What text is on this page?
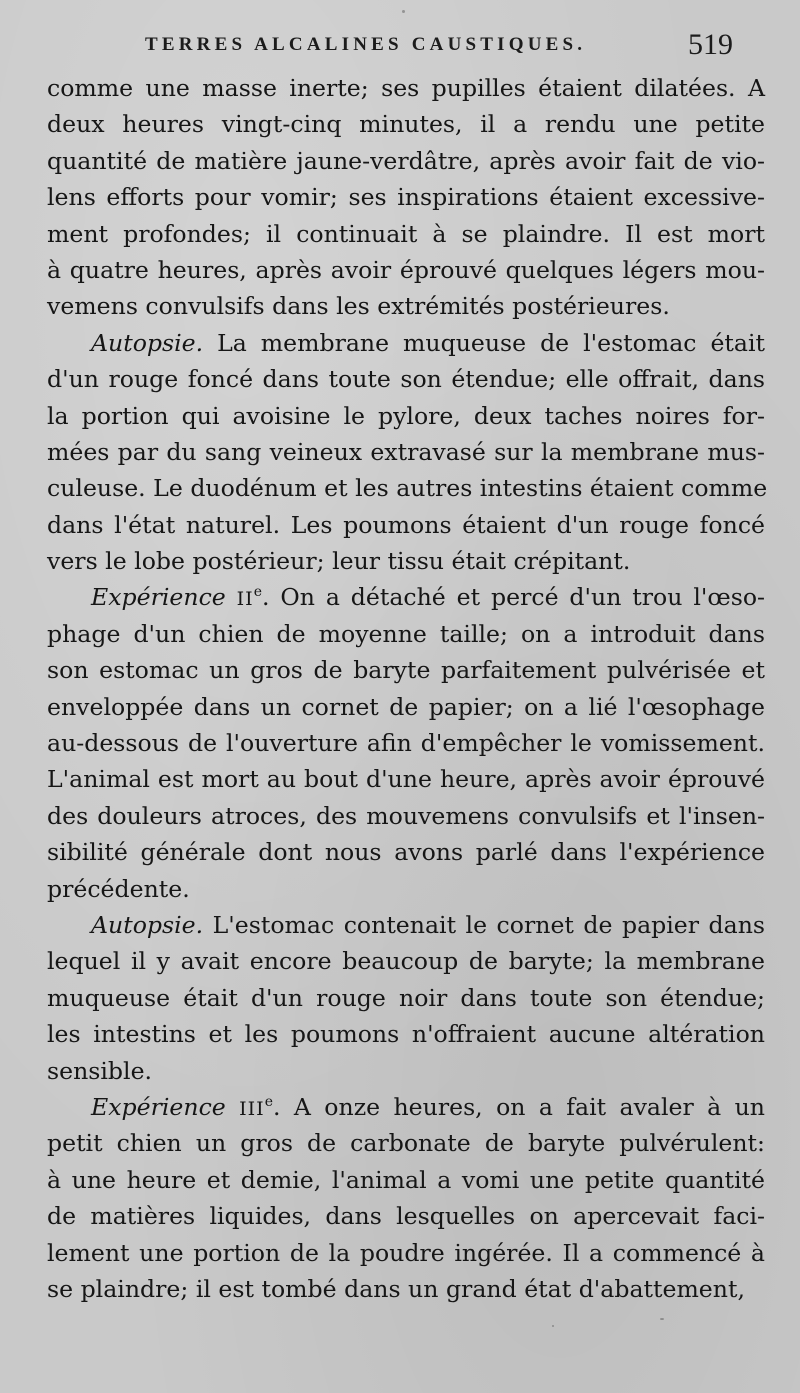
TERRES ALCALINES CAUSTIQUES.	519
comme une masse inerte; ses pupilles étaient dilatées. A
deux heures vingt-cinq minutes, il a rendu une petite
quantité de matière jaune-verdâtre, après avoir fait de vio-
lens efforts pour vomir; ses inspirations étaient excessive-
ment profondes; il continuait à se plaindre. Il est mort
à quatre heures, après avoir éprouvé quelques légers mou-
vemens convulsifs dans les extrémités postérieures.
Autopsie. La membrane muqueuse de l'estomac était
d'un rouge foncé dans toute son étendue; elle offrait, dans
la portion qui avoisine le pylore, deux taches noires for-
mées par du sang veineux extravasé sur la membrane mus-
culeuse. Le duodénum et les autres intestins étaient comme
dans l'état naturel. Les poumons étaient d'un rouge foncé
vers le lobe postérieur; leur tissu était crépitant.
Expérience IIe. On a détaché et percé d'un trou l'œso-
phage d'un chien de moyenne taille; on a introduit dans
son estomac un gros de baryte parfaitement pulvérisée et
enveloppée dans un cornet de papier; on a lié l'œsophage
au-dessous de l'ouverture afin d'empêcher le vomissement.
L'animal est mort au bout d'une heure, après avoir éprouvé
des douleurs atroces, des mouvemens convulsifs et l'insen-
sibilité générale dont nous avons parlé dans l'expérience
précédente.
Autopsie. L'estomac contenait le cornet de papier dans
lequel il y avait encore beaucoup de baryte; la membrane
muqueuse était d'un rouge noir dans toute son étendue;
les intestins et les poumons n'offraient aucune altération
sensible.
Expérience IIIe. A onze heures, on a fait avaler à un
petit chien un gros de carbonate de baryte pulvérulent:
à une heure et demie, l'animal a vomi une petite quantité
de matières liquides, dans lesquelles on apercevait faci-
lement une portion de la poudre ingérée. Il a commencé à
se plaindre; il est tombé dans un grand état d'abattement,
